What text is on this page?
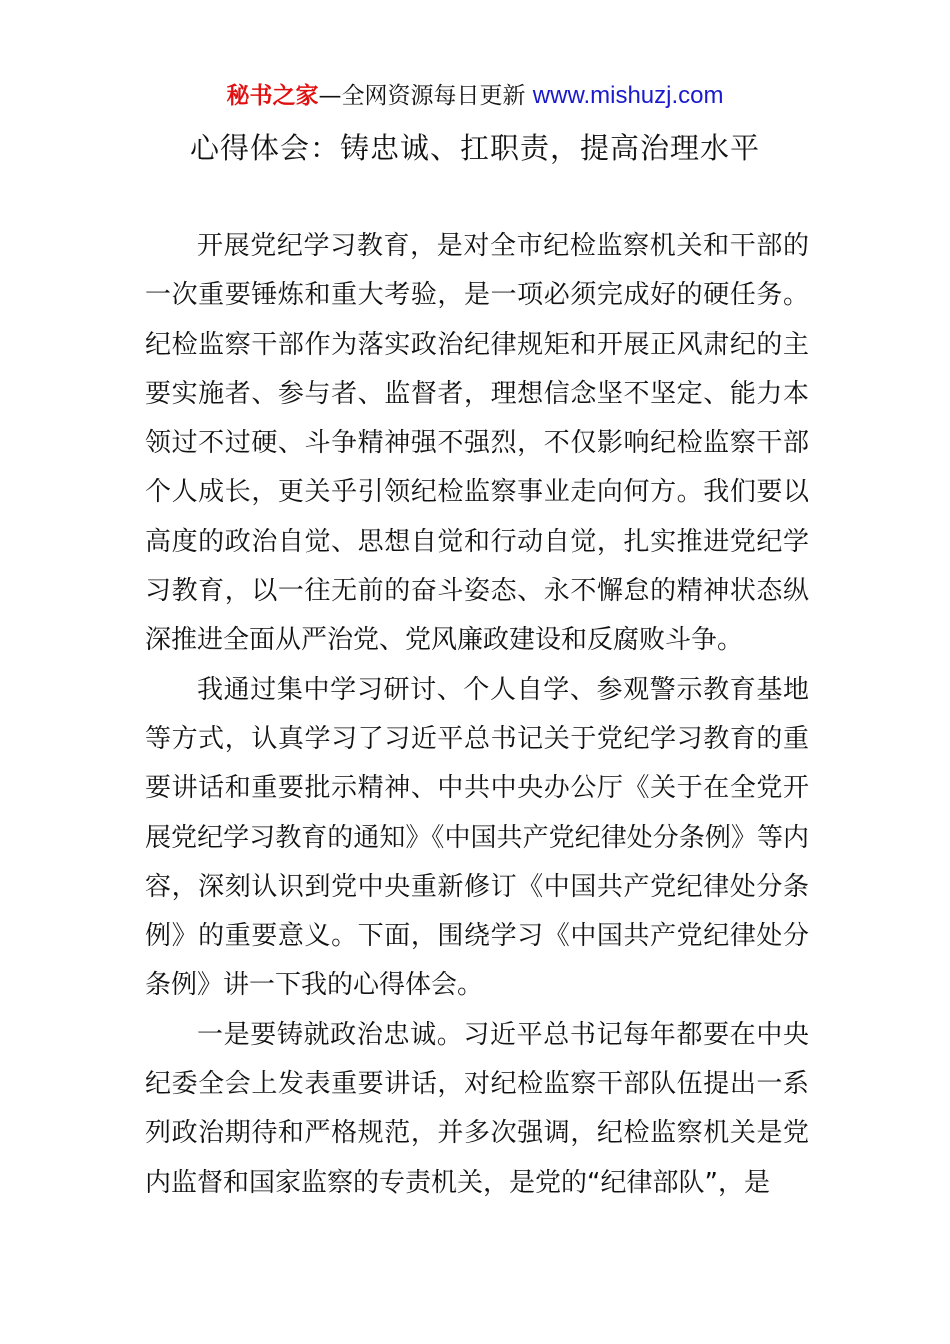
秘书之家—全网资源每日更新 www.mishuzj.com
心得体会：铸忠诚、扛职责，提高治理水平

开展党纪学习教育，是对全市纪检监察机关和干部的一次重要锤炼和重大考验，是一项必须完成好的硬任务。纪检监察干部作为落实政治纪律规矩和开展正风肃纪的主要实施者、参与者、监督者，理想信念坚不坚定、能力本领过不过硬、斗争精神强不强烈，不仅影响纪检监察干部个人成长，更关乎引领纪检监察事业走向何方。我们要以高度的政治自觉、思想自觉和行动自觉，扎实推进党纪学习教育，以一往无前的奋斗姿态、永不懈怠的精神状态纵深推进全面从严治党、党风廉政建设和反腐败斗争。

我通过集中学习研讨、个人自学、参观警示教育基地等方式，认真学习了习近平总书记关于党纪学习教育的重要讲话和重要批示精神、中共中央办公厅《关于在全党开展党纪学习教育的通知》《中国共产党纪律处分条例》等内容，深刻认识到党中央重新修订《中国共产党纪律处分条例》的重要意义。下面，围绕学习《中国共产党纪律处分条例》讲一下我的心得体会。

一是要铸就政治忠诚。习近平总书记每年都要在中央纪委全会上发表重要讲话，对纪检监察干部队伍提出一系列政治期待和严格规范，并多次强调，纪检监察机关是党内监督和国家监察的专责机关，是党的“纪律部队”，是
